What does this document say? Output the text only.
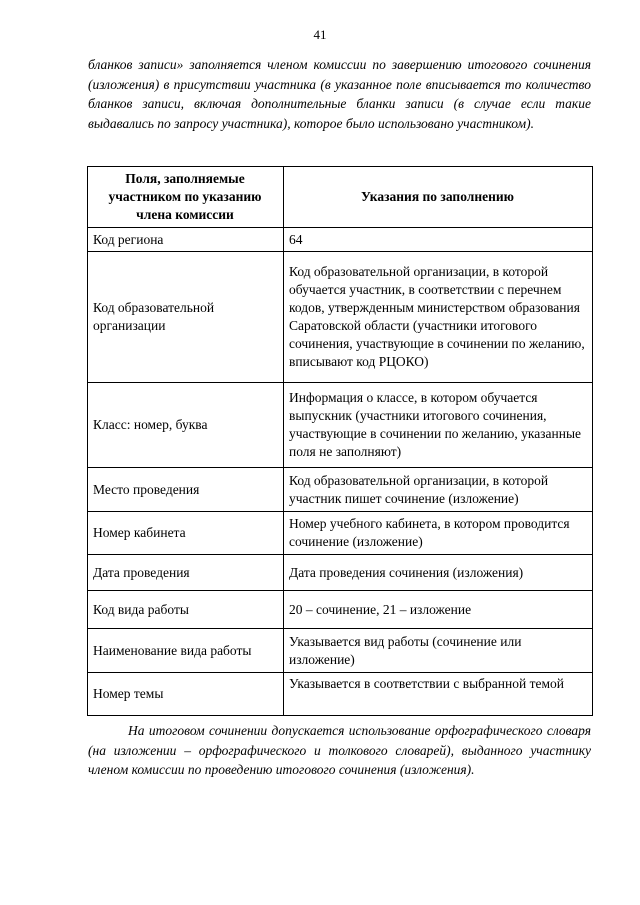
41

бланков записи» заполняется членом комиссии по завершению итогового сочинения (изложения) в присутствии участника (в указанное поле вписывается то количество бланков записи, включая дополнительные бланки записи (в случае если такие выдавались по запросу участника), которое было использовано участником).

Поля, заполняемые участником по указанию члена комиссии	Указания по заполнению
Код региона	64
Код образовательной организации	Код образовательной организации, в которой обучается участник, в соответствии с перечнем кодов, утвержденным министерством образования Саратовской области (участники итогового сочинения, участвующие в сочинении по желанию, вписывают код РЦОКО)
Класс: номер, буква	Информация о классе, в котором обучается выпускник (участники итогового сочинения, участвующие в сочинении по желанию, указанные поля не заполняют)
Место проведения	Код образовательной организации, в которой участник пишет сочинение (изложение)
Номер кабинета	Номер учебного кабинета, в котором проводится сочинение (изложение)
Дата проведения	Дата проведения сочинения (изложения)
Код вида работы	20 – сочинение, 21 – изложение
Наименование вида работы	Указывается вид работы (сочинение или изложение)
Номер темы	Указывается в соответствии с выбранной темой

На итоговом сочинении допускается использование орфографического словаря (на изложении – орфографического и толкового словарей), выданного участнику членом комиссии по проведению итогового сочинения (изложения).
